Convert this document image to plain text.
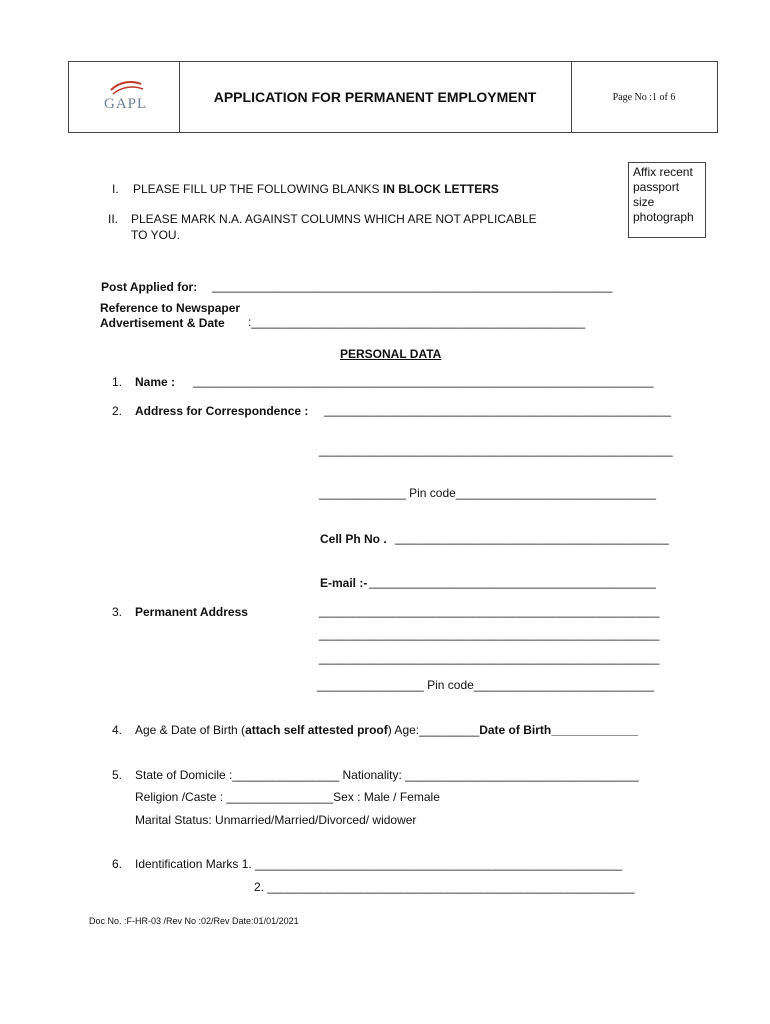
GAPL	APPLICATION FOR PERMANENT EMPLOYMENT	Page No :1 of 6
Affix recent
passport
size
photograph
I. PLEASE FILL UP THE FOLLOWING BLANKS IN BLOCK LETTERS
II. PLEASE MARK N.A. AGAINST COLUMNS WHICH ARE NOT APPLICABLE
TO YOU.
Post Applied for: ____________________________________________________________
Reference to Newspaper
Advertisement & Date :__________________________________________________
PERSONAL DATA
1. Name : _____________________________________________________________________
2. Address for Correspondence : ____________________________________________________
_____________________________________________________
_____________ Pin code______________________________
Cell Ph No . _________________________________________
E-mail :- ___________________________________________
3. Permanent Address	___________________________________________________
___________________________________________________
___________________________________________________
________________ Pin code___________________________
4. Age & Date of Birth (attach self attested proof) Age:_________Date of Birth_____________
5. State of Domicile :________________ Nationality: ___________________________________
Religion /Caste : ________________Sex : Male / Female
Marital Status: Unmarried/Married/Divorced/ widower
6. Identification Marks 1. _______________________________________________________
2. _______________________________________________________
Doc No. :F-HR-03 /Rev No :02/Rev Date:01/01/2021
